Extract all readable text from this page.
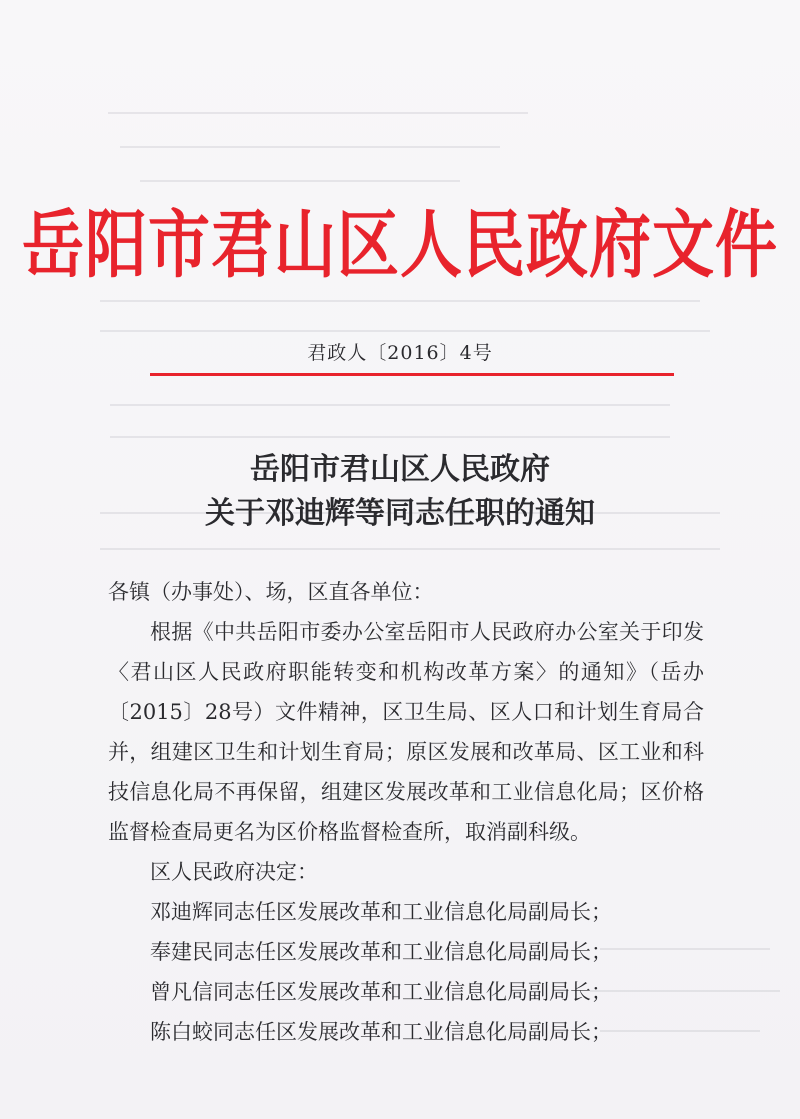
岳阳市君山区人民政府文件
君政人〔2016〕4号
岳阳市君山区人民政府
关于邓迪辉等同志任职的通知

各镇（办事处）、场，区直各单位：

根据《中共岳阳市委办公室岳阳市人民政府办公室关于印发〈君山区人民政府职能转变和机构改革方案〉的通知》（岳办〔2015〕28号）文件精神，区卫生局、区人口和计划生育局合并，组建区卫生和计划生育局；原区发展和改革局、区工业和科技信息化局不再保留，组建区发展改革和工业信息化局；区价格监督检查局更名为区价格监督检查所，取消副科级。

区人民政府决定：

邓迪辉同志任区发展改革和工业信息化局副局长；

奉建民同志任区发展改革和工业信息化局副局长；

曾凡信同志任区发展改革和工业信息化局副局长；

陈白蛟同志任区发展改革和工业信息化局副局长；
